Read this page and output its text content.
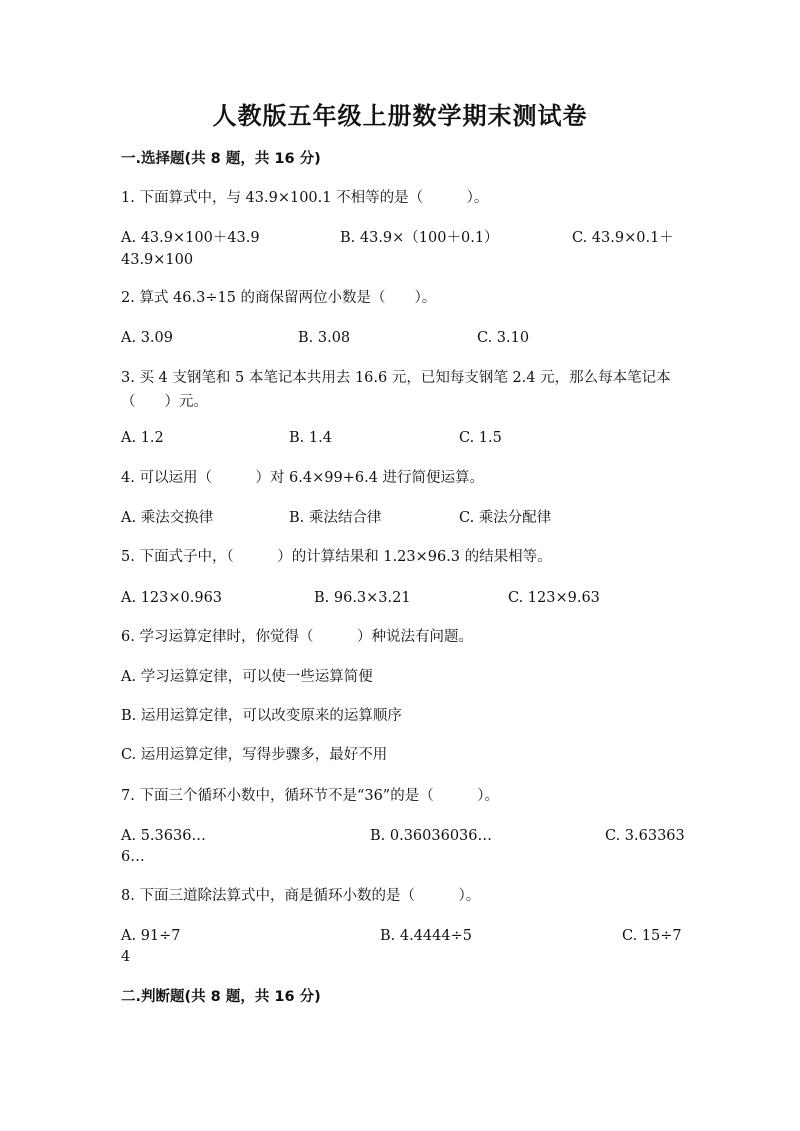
人教版五年级上册数学期末测试卷
一.选择题(共 8 题，共 16 分)
1. 下面算式中，与 43.9×100.1 不相等的是（　　　）。
A. 43.9×100＋43.9	B. 43.9×（100＋0.1）	C. 43.9×0.1＋
43.9×100
2. 算式 46.3÷15 的商保留两位小数是（　　）。
A. 3.09	B. 3.08	C. 3.10
3. 买 4 支钢笔和 5 本笔记本共用去 16.6 元，已知每支钢笔 2.4 元，那么每本笔记本（　　）元。
A. 1.2	B. 1.4	C. 1.5
4. 可以运用（　　　）对 6.4×99+6.4 进行简便运算。
A. 乘法交换律	B. 乘法结合律	C. 乘法分配律
5. 下面式子中，（　　　）的计算结果和 1.23×96.3 的结果相等。
A. 123×0.963	B. 96.3×3.21	C. 123×9.63
6. 学习运算定律时，你觉得（　　　）种说法有问题。
A. 学习运算定律，可以使一些运算简便
B. 运用运算定律，可以改变原来的运算顺序
C. 运用运算定律，写得步骤多，最好不用
7. 下面三个循环小数中，循环节不是“36”的是（　　　）。
A. 5.3636…	B. 0.36036036…	C. 3.63363
6…
8. 下面三道除法算式中，商是循环小数的是（　　　）。
A. 91÷7	B. 4.4444÷5	C. 15÷7
4
二.判断题(共 8 题，共 16 分)
